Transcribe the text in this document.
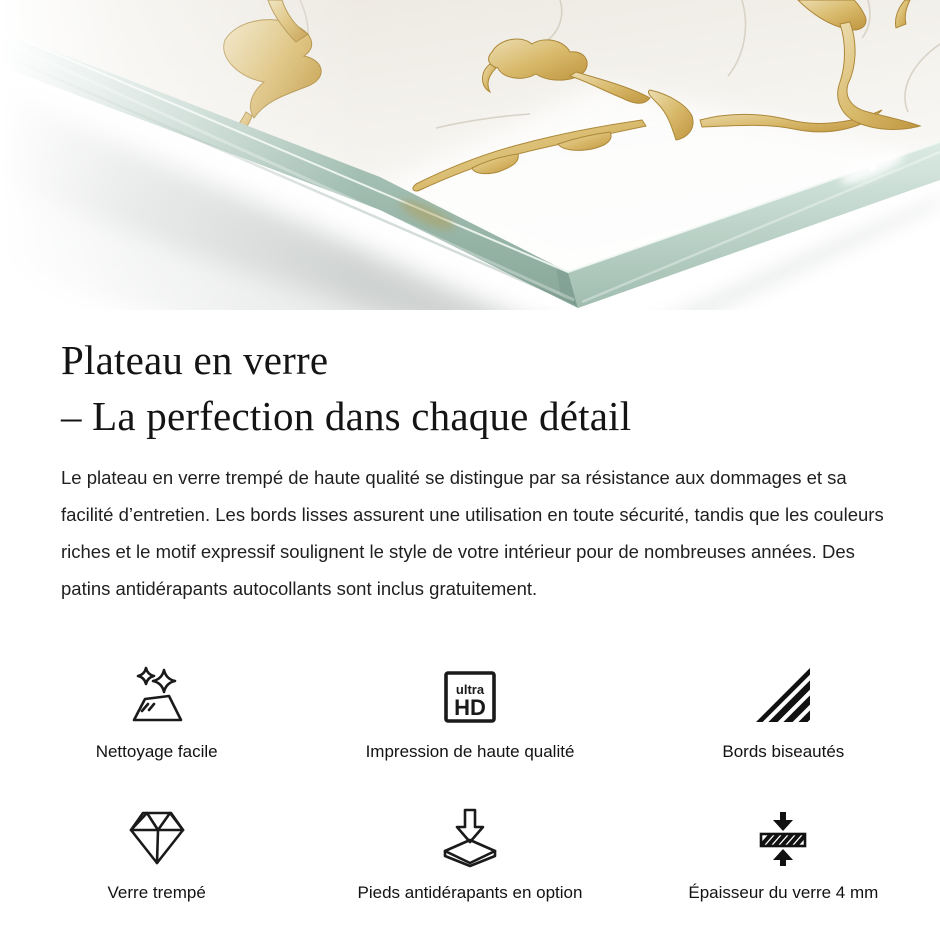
Plateau en verre
– La perfection dans chaque détail

Le plateau en verre trempé de haute qualité se distingue par sa résistance aux dommages et sa facilité d’entretien. Les bords lisses assurent une utilisation en toute sécurité, tandis que les couleurs riches et le motif expressif soulignent le style de votre intérieur pour de nombreuses années. Des patins antidérapants autocollants sont inclus gratuitement.

Nettoyage facile
ultra
HD
Impression de haute qualité	Bords biseautés
Verre trempé	Pieds antidérapants en option	Épaisseur du verre 4 mm
